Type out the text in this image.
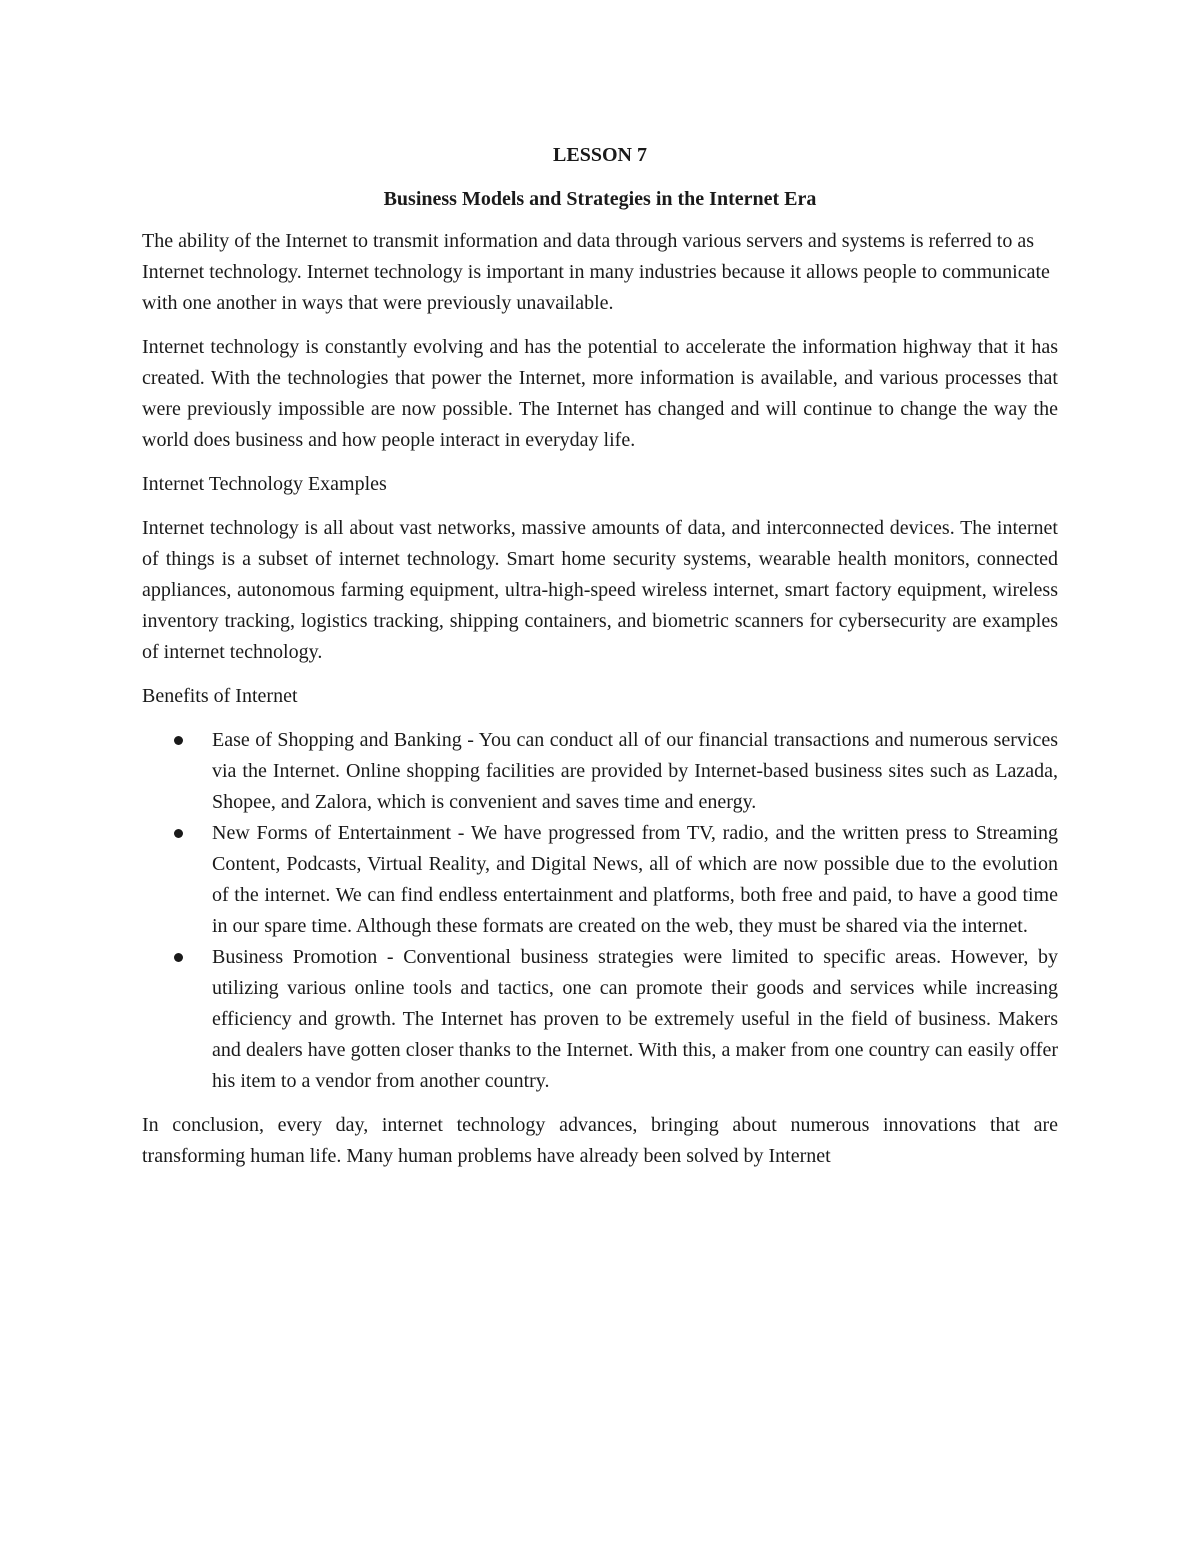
LESSON 7
Business Models and Strategies in the Internet Era

The ability of the Internet to transmit information and data through various servers and systems is referred to as Internet technology. Internet technology is important in many industries because it allows people to communicate with one another in ways that were previously unavailable.

Internet technology is constantly evolving and has the potential to accelerate the information highway that it has created. With the technologies that power the Internet, more information is available, and various processes that were previously impossible are now possible. The Internet has changed and will continue to change the way the world does business and how people interact in everyday life.

Internet Technology Examples

Internet technology is all about vast networks, massive amounts of data, and interconnected devices. The internet of things is a subset of internet technology. Smart home security systems, wearable health monitors, connected appliances, autonomous farming equipment, ultra-high-speed wireless internet, smart factory equipment, wireless inventory tracking, logistics tracking, shipping containers, and biometric scanners for cybersecurity are examples of internet technology.

Benefits of Internet
Ease of Shopping and Banking - You can conduct all of our financial transactions and numerous services via the Internet. Online shopping facilities are provided by Internet-based business sites such as Lazada, Shopee, and Zalora, which is convenient and saves time and energy.
New Forms of Entertainment - We have progressed from TV, radio, and the written press to Streaming Content, Podcasts, Virtual Reality, and Digital News, all of which are now possible due to the evolution of the internet. We can find endless entertainment and platforms, both free and paid, to have a good time in our spare time. Although these formats are created on the web, they must be shared via the internet.
Business Promotion - Conventional business strategies were limited to specific areas. However, by utilizing various online tools and tactics, one can promote their goods and services while increasing efficiency and growth. The Internet has proven to be extremely useful in the field of business. Makers and dealers have gotten closer thanks to the Internet. With this, a maker from one country can easily offer his item to a vendor from another country.

In conclusion, every day, internet technology advances, bringing about numerous innovations that are transforming human life. Many human problems have already been solved by Internet
